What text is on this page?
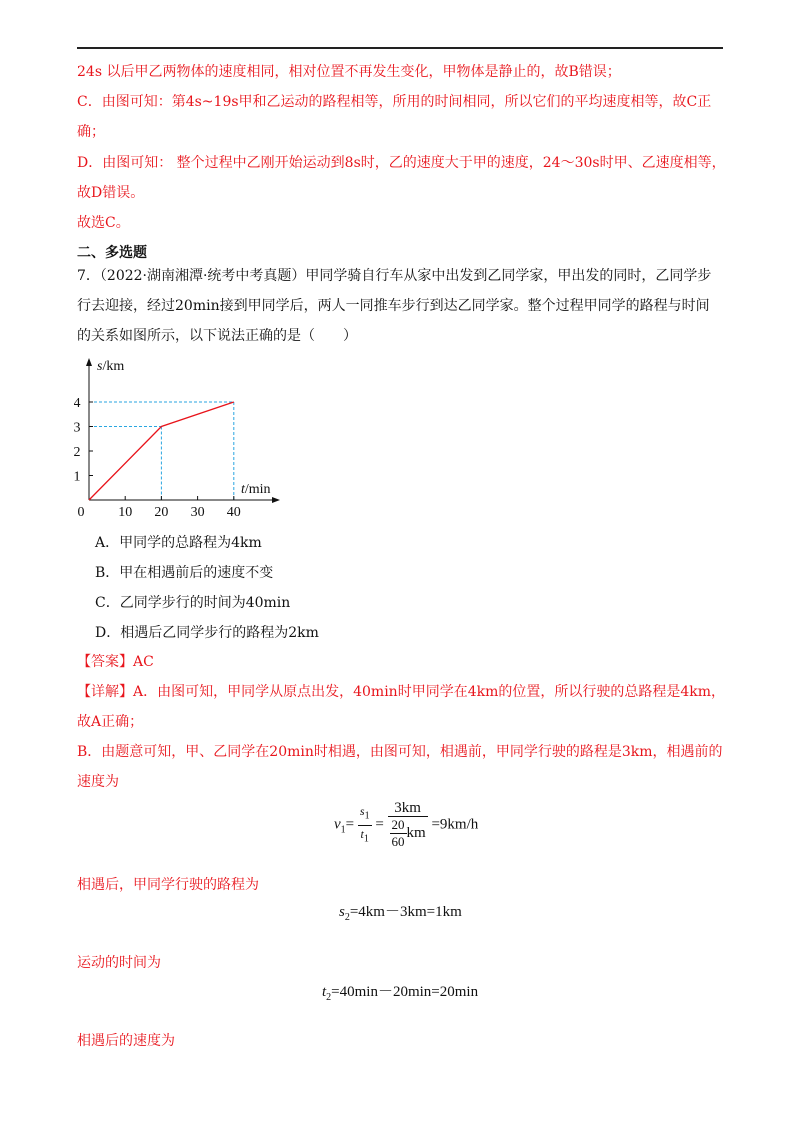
24s 以后甲乙两物体的速度相同，相对位置不再发生变化，甲物体是静止的，故B错误；
C．由图可知：第4s~19s甲和乙运动的路程相等，所用的时间相同，所以它们的平均速度相等，故C正
确；
D．由图可知： 整个过程中乙刚开始运动到8s时，乙的速度大于甲的速度，24～30s时甲、乙速度相等，
故D错误。
故选C。
二、多选题
7．（2022·湖南湘潭·统考中考真题）甲同学骑自行车从家中出发到乙同学家，甲出发的同时，乙同学步
行去迎接，经过20min接到甲同学后，两人一同推车步行到达乙同学家。整个过程甲同学的路程与时间
的关系如图所示，以下说法正确的是（　　）
s/km
t/min
0 10 20 30 40
1
2
3
4
A．甲同学的总路程为4km
B．甲在相遇前后的速度不变
C．乙同学步行的时间为40min
D．相遇后乙同学步行的路程为2km
【答案】AC
【详解】A．由图可知，甲同学从原点出发，40min时甲同学在4km的位置，所以行驶的总路程是4km，
故A正确；
B．由题意可知，甲、乙同学在20min时相遇，由图可知，相遇前，甲同学行驶的路程是3km，相遇前的
速度为
$v_1= \frac{s_1}{t_1} = \frac{3km}{\frac{20}{60} km} =9km/h$
相遇后，甲同学行驶的路程为
$s_2=4km-3km=1km$
运动的时间为
$t_2=40\min-20\min=20\min$
相遇后的速度为
